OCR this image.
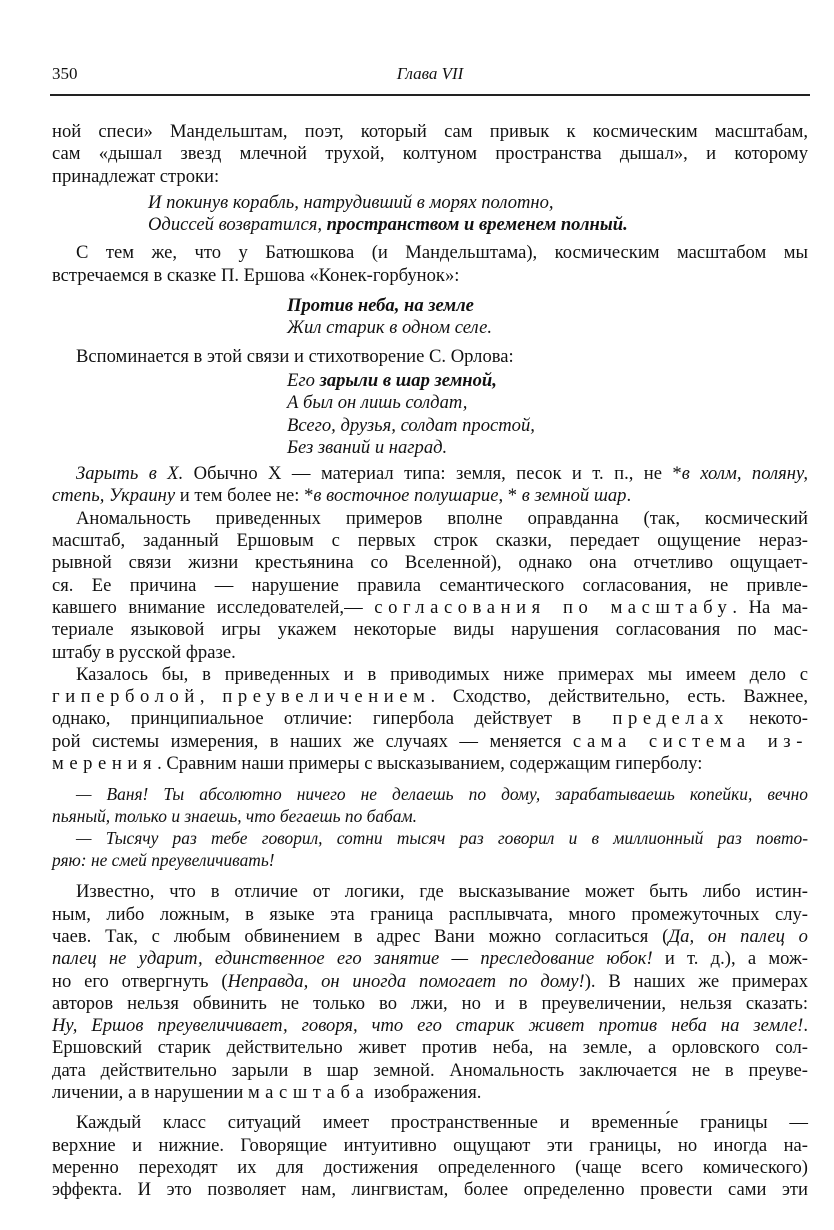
350	Глава VII
ной спеси» Мандельштам, поэт, который сам привык к космическим масштабам,
сам «дышал звезд млечной трухой, колтуном пространства дышал», и которому
принадлежат строки:
И покинув корабль, натрудивший в морях полотно,
Одиссей возвратился, пространством и временем полный.
С тем же, что у Батюшкова (и Мандельштама), космическим масштабом мы
встречаемся в сказке П. Ершова «Конек-горбунок»:
Против неба, на земле
Жил старик в одном селе.
Вспоминается в этой связи и стихотворение С. Орлова:
Его зарыли в шар земной,
А был он лишь солдат,
Всего, друзья, солдат простой,
Без званий и наград.
Зарыть в Х. Обычно Х — материал типа: земля, песок и т. п., не *в холм, поляну,
степь, Украину и тем более не: *в восточное полушарие, * в земной шар.
Аномальность приведенных примеров вполне оправданна (так, космический
масштаб, заданный Ершовым с первых строк сказки, передает ощущение нераз-
рывной связи жизни крестьянина со Вселенной), однако она отчетливо ощущает-
ся. Ее причина — нарушение правила семантического согласования, не привле-
кавшего внимание исследователей,— согласования по масштабу. На ма-
териале языковой игры укажем некоторые виды нарушения согласования по мас-
штабу в русской фразе.
Казалось бы, в приведенных и в приводимых ниже примерах мы имеем дело с
гиперболой, преувеличением. Сходство, действительно, есть. Важнее,
однако, принципиальное отличие: гипербола действует в пределах некото-
рой системы измерения, в наших же случаях — меняется сама система из-
мерения. Сравним наши примеры с высказыванием, содержащим гиперболу:
— Ваня! Ты абсолютно ничего не делаешь по дому, зарабатываешь копейки, вечно
пьяный, только и знаешь, что бегаешь по бабам.
— Тысячу раз тебе говорил, сотни тысяч раз говорил и в миллионный раз повто-
ряю: не смей преувеличивать!
Известно, что в отличие от логики, где высказывание может быть либо истин-
ным, либо ложным, в языке эта граница расплывчата, много промежуточных слу-
чаев. Так, с любым обвинением в адрес Вани можно согласиться (Да, он палец о
палец не ударит, единственное его занятие — преследование юбок! и т. д.), а мож-
но его отвергнуть (Неправда, он иногда помогает по дому!). В наших же примерах
авторов нельзя обвинить не только во лжи, но и в преувеличении, нельзя сказать:
Ну, Ершов преувеличивает, говоря, что его старик живет против неба на земле!.
Ершовский старик действительно живет против неба, на земле, а орловского сол-
дата действительно зарыли в шар земной. Аномальность заключается не в преуве-
личении, а в нарушении масштаба изображения.
Каждый класс ситуаций имеет пространственные и временны́е границы —
верхние и нижние. Говорящие интуитивно ощущают эти границы, но иногда на-
меренно переходят их для достижения определенного (чаще всего комического)
эффекта. И это позволяет нам, лингвистам, более определенно провести сами эти
